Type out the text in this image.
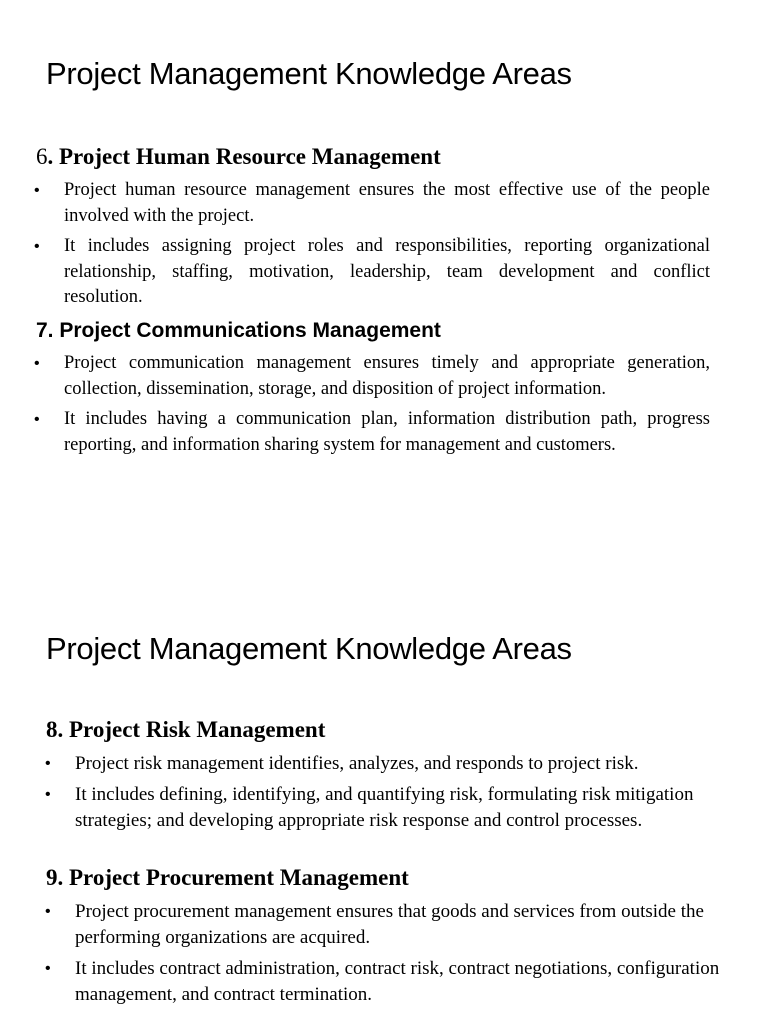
Project Management Knowledge Areas
6. Project Human Resource Management
• Project human resource management ensures the most effective use of the people involved with the project.
• It includes assigning project roles and responsibilities, reporting organizational relationship, staffing, motivation, leadership, team development and conflict resolution.
7. Project Communications Management
• Project communication management ensures timely and appropriate generation, collection, dissemination, storage, and disposition of project information.
• It includes having a communication plan, information distribution path, progress reporting, and information sharing system for management and customers.
Project Management Knowledge Areas
8. Project Risk Management
• Project risk management identifies, analyzes, and responds to project risk.
• It includes defining, identifying, and quantifying risk, formulating risk mitigation strategies; and developing appropriate risk response and control processes.
9. Project Procurement Management
• Project procurement management ensures that goods and services from outside the performing organizations are acquired.
• It includes contract administration, contract risk, contract negotiations, configuration management, and contract termination.
